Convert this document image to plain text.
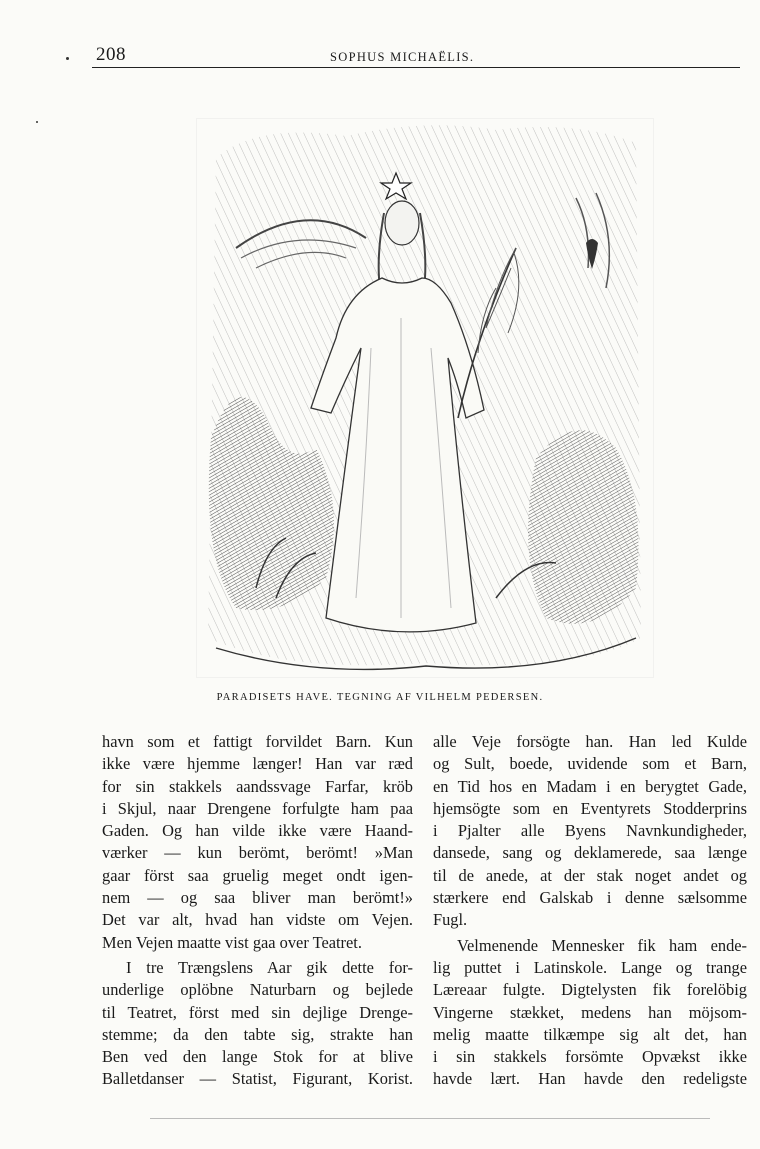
208	SOPHUS MICHAËLIS.
PARADISETS HAVE. TEGNING AF VILHELM PEDERSEN.

havn som et fattigt forvildet Barn. Kun
ikke være hjemme længer! Han var ræd
for sin stakkels aandssvage Farfar, kröb
i Skjul, naar Drengene forfulgte ham paa
Gaden. Og han vilde ikke være Haand-
værker — kun berömt, berömt! »Man
gaar först saa gruelig meget ondt igen-
nem — og saa bliver man berömt!»
Det var alt, hvad han vidste om Vejen.
Men Vejen maatte vist gaa over Teatret.

I tre Trængslens Aar gik dette for-
underlige oplöbne Naturbarn og bejlede
til Teatret, först med sin dejlige Drenge-
stemme; da den tabte sig, strakte han
Ben ved den lange Stok for at blive
Balletdanser — Statist, Figurant, Korist.

alle Veje forsögte han. Han led Kulde
og Sult, boede, uvidende som et Barn,
en Tid hos en Madam i en berygtet Gade,
hjemsögte som en Eventyrets Stodderprins
i Pjalter alle Byens Navnkundigheder,
dansede, sang og deklamerede, saa længe
til de anede, at der stak noget andet og
stærkere end Galskab i denne sælsomme
Fugl.

Velmenende Mennesker fik ham ende-
lig puttet i Latinskole. Lange og trange
Læreaar fulgte. Digtelysten fik forelöbig
Vingerne stækket, medens han möjsom-
melig maatte tilkæmpe sig alt det, han
i sin stakkels forsömte Opvækst ikke
havde lært. Han havde den redeligste
